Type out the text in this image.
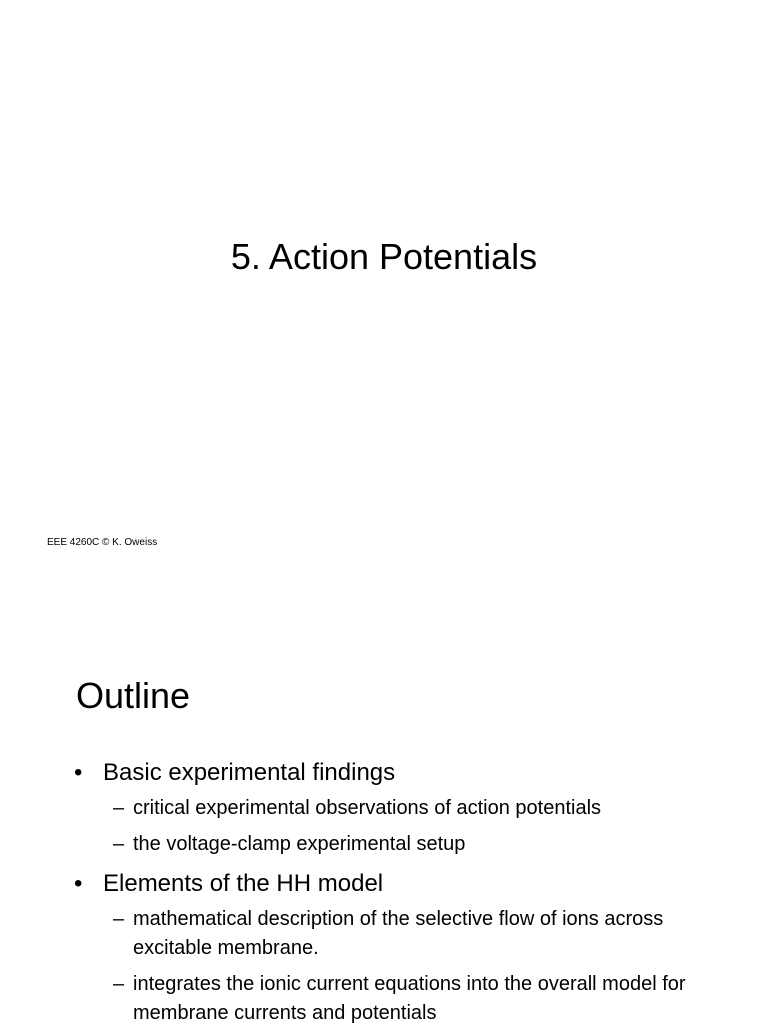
5. Action Potentials

EEE 4260C © K. Oweiss

Outline
• Basic experimental findings
– critical experimental observations of action potentials
– the voltage-clamp experimental setup
• Elements of the HH model
– mathematical description of the selective flow of ions across excitable membrane.
– integrates the ionic current equations into the overall model for membrane currents and potentials
